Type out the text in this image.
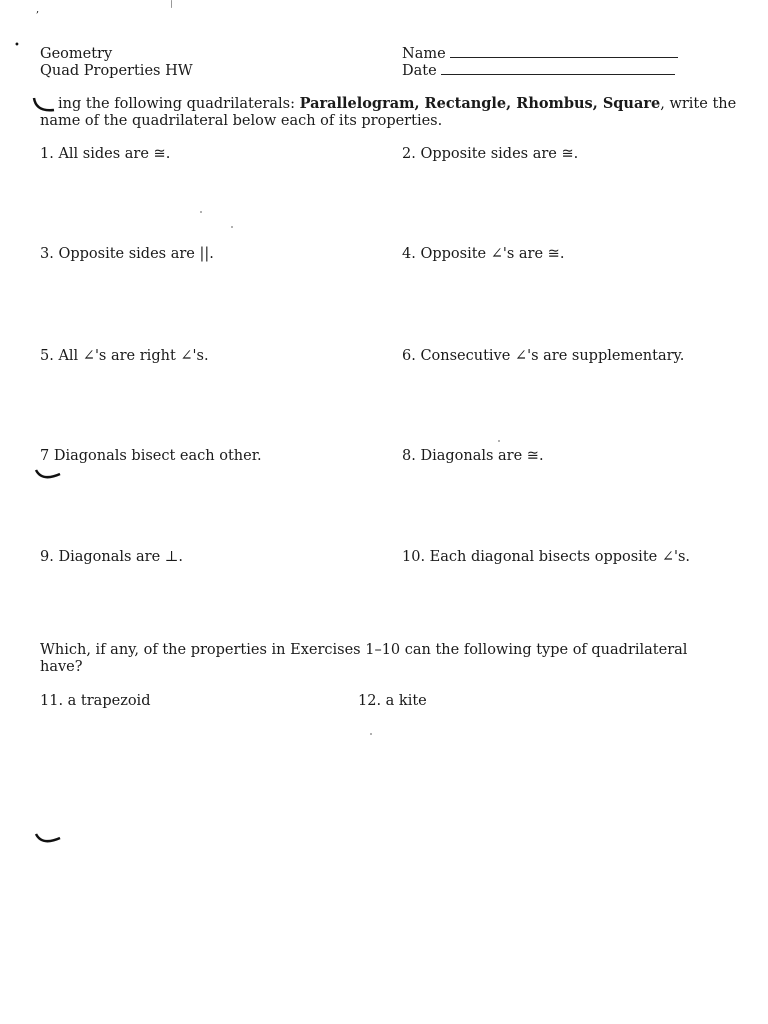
,
•
Geometry
Quad Properties HW
Name
Date
ing the following quadrilaterals: Parallelogram, Rectangle, Rhombus, Square, write the
name of the quadrilateral below each of its properties.
1. All sides are ≅.	2. Opposite sides are ≅.
3. Opposite sides are ||.	4. Opposite ∠'s are ≅.
5. All ∠'s are right ∠'s.	6. Consecutive ∠'s are supplementary.
7 Diagonals bisect each other.	8. Diagonals are ≅.
9. Diagonals are ⊥.	10. Each diagonal bisects opposite ∠'s.
Which, if any, of the properties in Exercises 1–10 can the following type of quadrilateral
have?
11. a trapezoid	12. a kite
